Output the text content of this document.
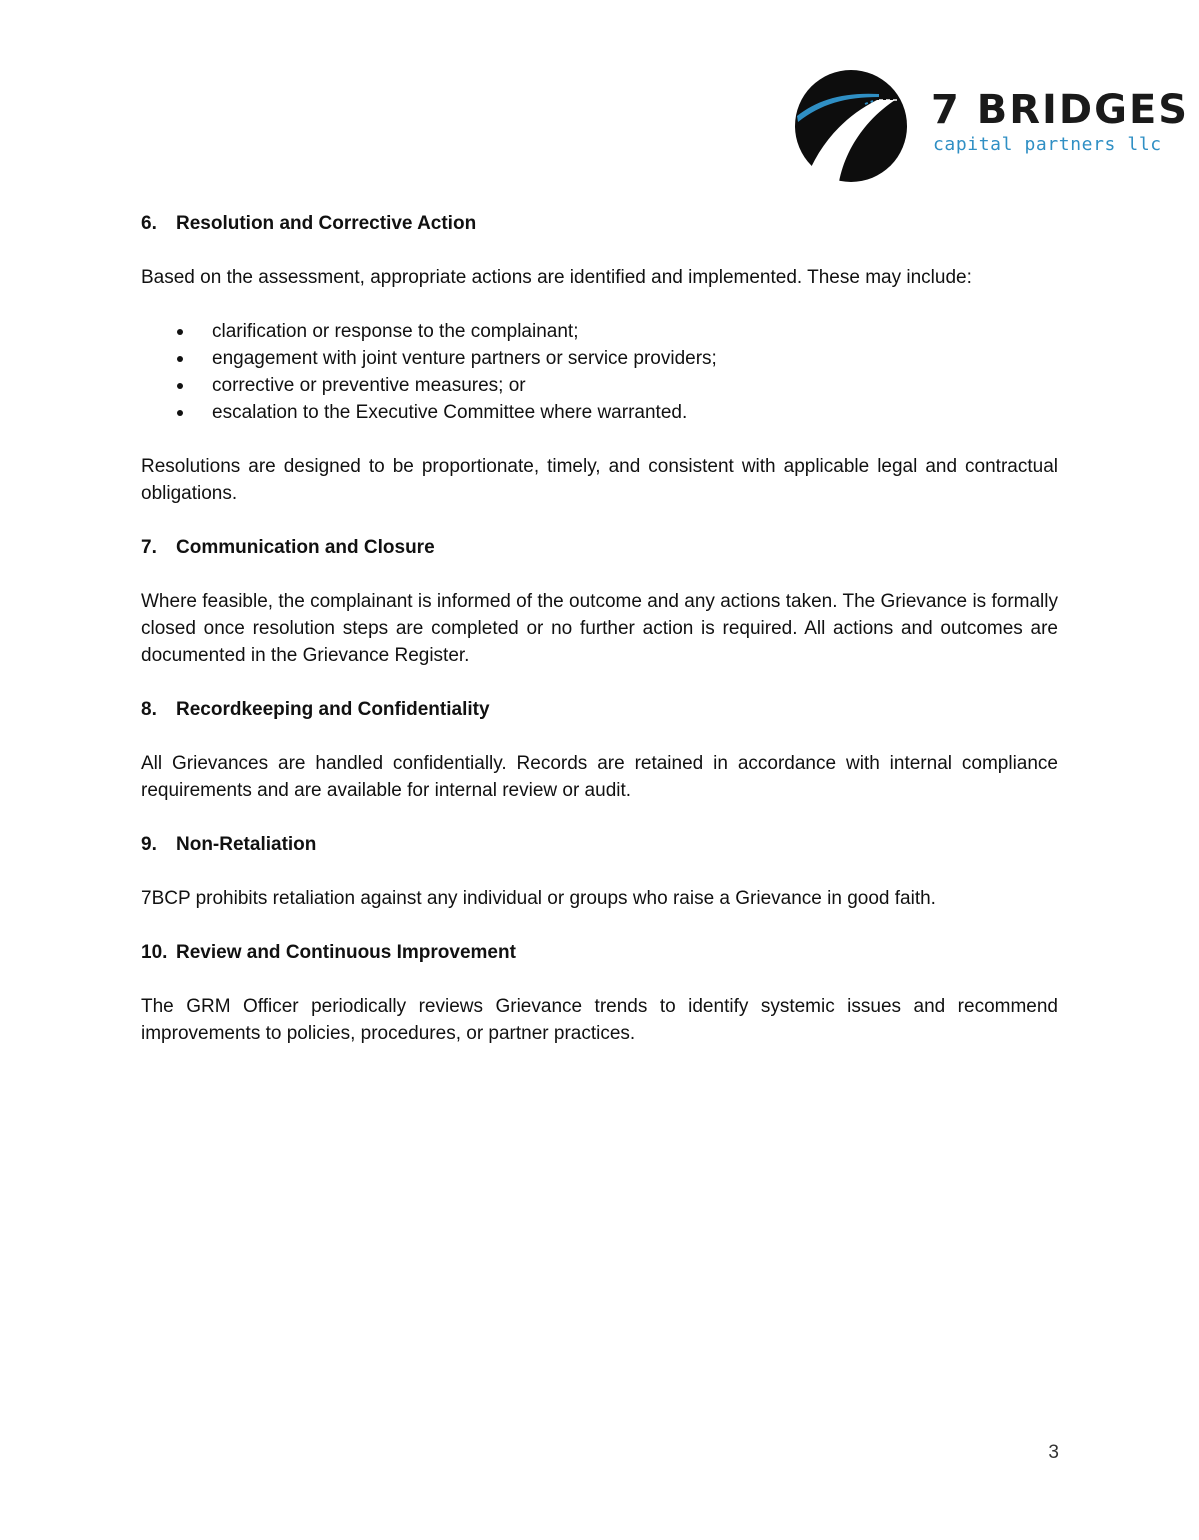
7 BRIDGES
capital partners llc
6.	Resolution and Corrective Action

Based on the assessment, appropriate actions are identified and implemented. These may include:

clarification or response to the complainant;
engagement with joint venture partners or service providers;
corrective or preventive measures; or
escalation to the Executive Committee where warranted.

Resolutions are designed to be proportionate, timely, and consistent with applicable legal and contractual obligations.

7.	Communication and Closure

Where feasible, the complainant is informed of the outcome and any actions taken. The Grievance is formally closed once resolution steps are completed or no further action is required. All actions and outcomes are documented in the Grievance Register.

8.	Recordkeeping and Confidentiality

All Grievances are handled confidentially. Records are retained in accordance with internal compliance requirements and are available for internal review or audit.

9.	Non-Retaliation

7BCP prohibits retaliation against any individual or groups who raise a Grievance in good faith.

10. Review and Continuous Improvement

The GRM Officer periodically reviews Grievance trends to identify systemic issues and recommend improvements to policies, procedures, or partner practices.

3
